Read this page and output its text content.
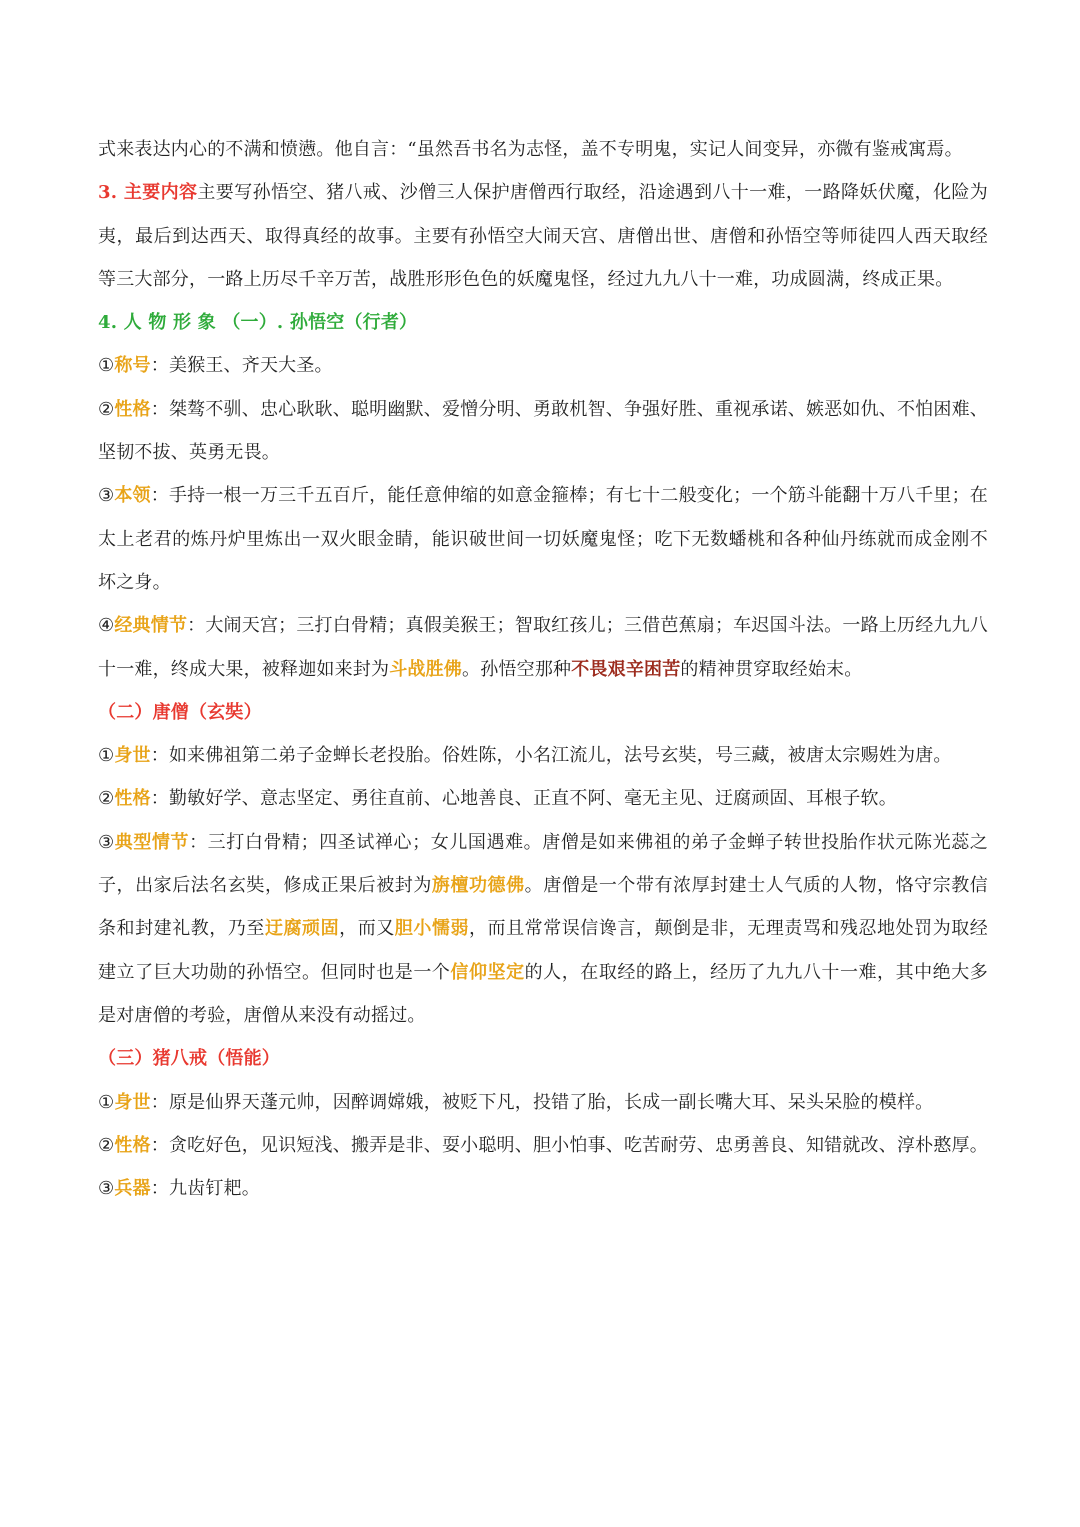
式来表达内心的不满和愤懑。他自言：“虽然吾书名为志怪，盖不专明鬼，实记人间变异，亦微有鉴戒寓焉。

3. 主要内容主要写孙悟空、猪八戒、沙僧三人保护唐僧西行取经，沿途遇到八十一难，一路降妖伏魔，化险为夷，最后到达西天、取得真经的故事。主要有孙悟空大闹天宫、唐僧出世、唐僧和孙悟空等师徒四人西天取经等三大部分，一路上历尽千辛万苦，战胜形形色色的妖魔鬼怪，经过九九八十一难，功成圆满，终成正果。

4. 人 物 形 象 （一）. 孙悟空（行者）

①称号：美猴王、齐天大圣。

②性格：桀骜不驯、忠心耿耿、聪明幽默、爱憎分明、勇敢机智、争强好胜、重视承诺、嫉恶如仇、不怕困难、坚韧不拔、英勇无畏。

③本领：手持一根一万三千五百斤，能任意伸缩的如意金箍棒；有七十二般变化；一个筋斗能翻十万八千里；在太上老君的炼丹炉里炼出一双火眼金睛，能识破世间一切妖魔鬼怪；吃下无数蟠桃和各种仙丹练就而成金刚不坏之身。

④经典情节：大闹天宫；三打白骨精；真假美猴王；智取红孩儿；三借芭蕉扇；车迟国斗法。一路上历经九九八十一难，终成大果，被释迦如来封为斗战胜佛。孙悟空那种不畏艰辛困苦的精神贯穿取经始末。

（二）唐僧（玄奘）

①身世：如来佛祖第二弟子金蝉长老投胎。俗姓陈，小名江流儿，法号玄奘，号三藏，被唐太宗赐姓为唐。

②性格：勤敏好学、意志坚定、勇往直前、心地善良、正直不阿、毫无主见、迂腐顽固、耳根子软。

③典型情节：三打白骨精；四圣试禅心；女儿国遇难。唐僧是如来佛祖的弟子金蝉子转世投胎作状元陈光蕊之子，出家后法名玄奘，修成正果后被封为旃檀功德佛。唐僧是一个带有浓厚封建士人气质的人物，恪守宗教信条和封建礼教，乃至迂腐顽固，而又胆小懦弱，而且常常误信谗言，颠倒是非，无理责骂和残忍地处罚为取经建立了巨大功勋的孙悟空。但同时也是一个信仰坚定的人，在取经的路上，经历了九九八十一难，其中绝大多是对唐僧的考验，唐僧从来没有动摇过。

（三）猪八戒（悟能）

①身世：原是仙界天蓬元帅，因醉调嫦娥，被贬下凡，投错了胎，长成一副长嘴大耳、呆头呆脸的模样。

②性格：贪吃好色，见识短浅、搬弄是非、耍小聪明、胆小怕事、吃苦耐劳、忠勇善良、知错就改、淳朴憨厚。

③兵器：九齿钉耙。
